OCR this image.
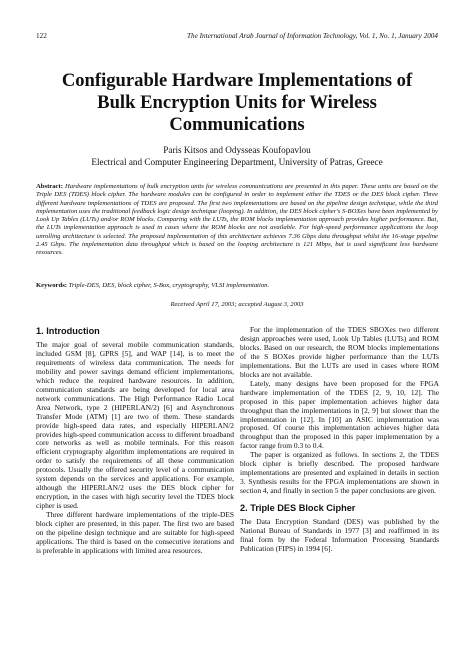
122	The International Arab Journal of Information Technology, Vol. 1, No. 1, January 2004
Configurable Hardware Implementations of
Bulk Encryption Units for Wireless
Communications
Paris Kitsos and Odysseas Koufopavlou
Electrical and Computer Engineering Department, University of Patras, Greece
Abstract: Hardware implementations of bulk encryption units for wireless communications are presented in this paper. These units are based on the Triple DES (TDES) block cipher. The hardware modules can be configured in order to implement either the TDES or the DES block cipher. Three different hardware implementations of TDES are proposed. The first two implementations are based on the pipeline design technique, while the third implementation uses the traditional feedback logic design technique (looping). In addition, the DES block cipher's S-BOXes have been implemented by Look Up Tables (LUTs) and/or ROM blocks. Comparing with the LUTs, the ROM blocks implementation approach provides higher performance. But, the LUTs implementation approach is used in cases where the ROM blocks are not available. For high-speed performance applications the loop unrolling architecture is selected. The proposed implementation of this architecture achieves 7.36 Gbps data throughput whilst the 16-stage pipeline 2.45 Gbps. The implementation data throughput which is based on the looping architecture is 121 Mbps, but is used significant less hardware resources.
Keywords: Triple-DES, DES, block cipher, S-Box, cryptography, VLSI implementation.
Received April 17, 2003; accepted August 3, 2003
1. Introduction

The major goal of several mobile communication standards, included GSM [8], GPRS [5], and WAP [14], is to meet the requirements of wireless data communication. The needs for mobility and power savings demand efficient implementations, which reduce the required hardware resources. In addition, communication standards are being developed for local area network communications. The High Performance Radio Local Area Network, type 2 (HIPERLAN/2) [6] and Asynchronous Transfer Mode (ATM) [1] are two of them. These standards provide high-speed data rates, and especially HIPERLAN/2 provides high-speed communication access to different broadband core networks as well as mobile terminals. For this reason efficient cryptography algorithm implementations are required in order to satisfy the requirements of all these communication protocols. Usually the offered security level of a communication system depends on the services and applications. For example, although the HIPERLAN/2 uses the DES block cipher for encryption, in the cases with high security level the TDES block cipher is used.

Three different hardware implementations of the triple-DES block cipher are presented, in this paper. The first two are based on the pipeline design technique and are suitable for high-speed applications. The third is based on the consecutive iterations and is preferable in applications with limited area resources.

For the implementation of the TDES SBOXes two different design approaches were used, Look Up Tables (LUTs) and ROM blocks. Based on our research, the ROM blocks implementations of the S BOXes provide higher performance than the LUTs implementations. But the LUTs are used in cases where ROM blocks are not available.

Lately, many designs have been proposed for the FPGA hardware implementation of the TDES [2, 9, 10, 12]. The proposed in this paper implementation achieves higher data throughput than the implementations in [2, 9] but slower than the implementation in [12]. In [10] an ASIC implementation was proposed. Of course this implementation achieves higher data throughput than the proposed in this paper implementation by a factor range from 0.3 to 0.4.

The paper is organized as follows. In sections 2, the TDES block cipher is briefly described. The proposed hardware implementations are presented and explained in details in section 3. Synthesis results for the FPGA implementations are shown in section 4, and finally in section 5 the paper conclusions are given.

2. Triple DES Block Cipher

The Data Encryption Standard (DES) was published by the National Bureau of Standards in 1977 [3] and reaffirmed in its final form by the Federal Information Processing Standards Publication (FIPS) in 1994 [6].
